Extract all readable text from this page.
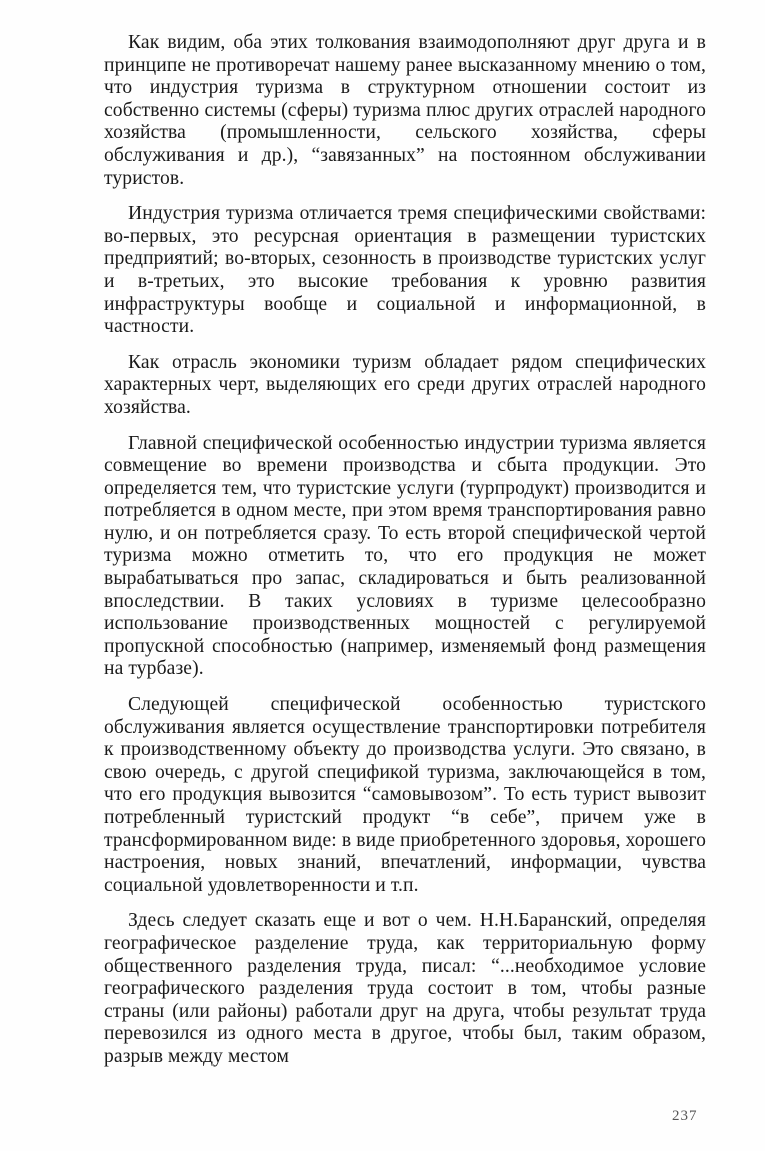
Как видим, оба этих толкования взаимодополняют друг друга и в принципе не противоречат нашему ранее высказанному мнению о том, что индустрия туризма в структурном отношении состоит из собственно системы (сферы) туризма плюс других отраслей народного хозяйства (промышленности, сельского хозяйства, сферы обслуживания и др.), “завязанных” на постоянном обслуживании туристов.

Индустрия туризма отличается тремя специфическими свойствами: во-первых, это ресурсная ориентация в размещении туристских предприятий; во-вторых, сезонность в производстве туристских услуг и в-третьих, это высокие требования к уровню развития инфраструктуры вообще и социальной и информационной, в частности.

Как отрасль экономики туризм обладает рядом специфических характерных черт, выделяющих его среди других отраслей народного хозяйства.

Главной специфической особенностью индустрии туризма является совмещение во времени производства и сбыта продукции. Это определяется тем, что туристские услуги (турпродукт) производится и потребляется в одном месте, при этом время транспортирования равно нулю, и он потребляется сразу. То есть второй специфической чертой туризма можно отметить то, что его продукция не может вырабатываться про запас, складироваться и быть реализованной впоследствии. В таких условиях в туризме целесообразно использование производственных мощностей с регулируемой пропускной способностью (например, изменяемый фонд размещения на турбазе).

Следующей специфической особенностью туристского обслуживания является осуществление транспортировки потребителя к производственному объекту до производства услуги. Это связано, в свою очередь, с другой спецификой туризма, заключающейся в том, что его продукция вывозится “самовывозом”. То есть турист вывозит потребленный туристский продукт “в себе”, причем уже в трансформированном виде: в виде приобретенного здоровья, хорошего настроения, новых знаний, впечатлений, информации, чувства социальной удовлетворенности и т.п.

Здесь следует сказать еще и вот о чем. Н.Н.Баранский, определяя географическое разделение труда, как территориальную форму общественного разделения труда, писал: “...необходимое условие географического разделения труда состоит в том, чтобы разные страны (или районы) работали друг на друга, чтобы результат труда перевозился из одного места в другое, чтобы был, таким образом, разрыв между местом

237
